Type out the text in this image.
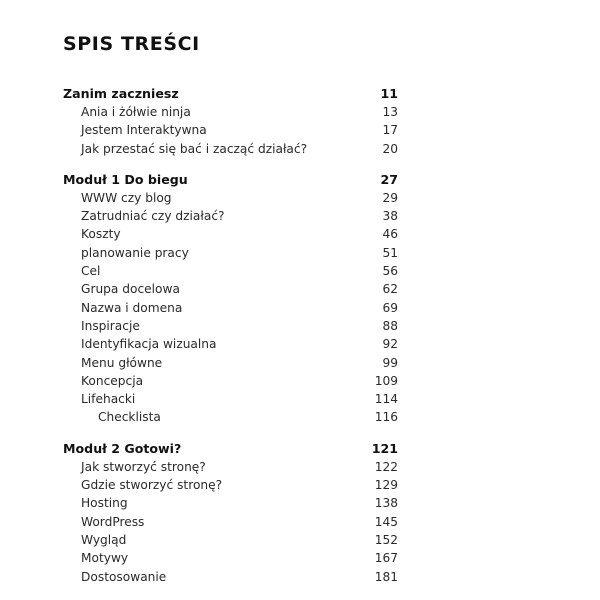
SPIS TREŚCI
Zanim zaczniesz	11
Ania i żółwie ninja	13
Jestem Interaktywna	17
Jak przestać się bać i zacząć działać?	20
Moduł 1 Do biegu	27
WWW czy blog	29
Zatrudniać czy działać?	38
Koszty	46
planowanie pracy	51
Cel	56
Grupa docelowa	62
Nazwa i domena	69
Inspiracje	88
Identyfikacja wizualna	92
Menu główne	99
Koncepcja	109
Lifehacki	114
Checklista	116
Moduł 2 Gotowi?	121
Jak stworzyć stronę?	122
Gdzie stworzyć stronę?	129
Hosting	138
WordPress	145
Wygląd	152
Motywy	167
Dostosowanie	181
